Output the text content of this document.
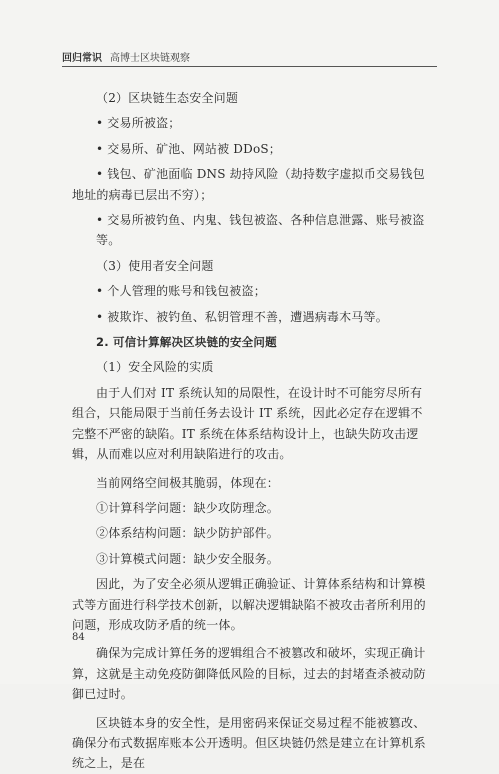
回归常识 高博士区块链观察

（2）区块链生态安全问题

• 交易所被盗；

• 交易所、矿池、网站被 DDoS；

• 钱包、矿池面临 DNS 劫持风险（劫持数字虚拟币交易钱包地址的病毒已层出不穷）；

• 交易所被钓鱼、内鬼、钱包被盗、各种信息泄露、账号被盗等。

（3）使用者安全问题

• 个人管理的账号和钱包被盗；

• 被欺诈、被钓鱼、私钥管理不善，遭遇病毒木马等。

2. 可信计算解决区块链的安全问题

（1）安全风险的实质

由于人们对 IT 系统认知的局限性，在设计时不可能穷尽所有组合，只能局限于当前任务去设计 IT 系统，因此必定存在逻辑不完整不严密的缺陷。IT 系统在体系结构设计上，也缺失防攻击逻辑，从而难以应对利用缺陷进行的攻击。

当前网络空间极其脆弱，体现在：

①计算科学问题：缺少攻防理念。

②体系结构问题：缺少防护部件。

③计算模式问题：缺少安全服务。

因此，为了安全必须从逻辑正确验证、计算体系结构和计算模式等方面进行科学技术创新，以解决逻辑缺陷不被攻击者所利用的问题，形成攻防矛盾的统一体。

确保为完成计算任务的逻辑组合不被篡改和破坏，实现正确计算，这就是主动免疫防御降低风险的目标，过去的封堵查杀被动防御已过时。

区块链本身的安全性，是用密码来保证交易过程不能被篡改、确保分布式数据库账本公开透明。但区块链仍然是建立在计算机系统之上，是在

84
